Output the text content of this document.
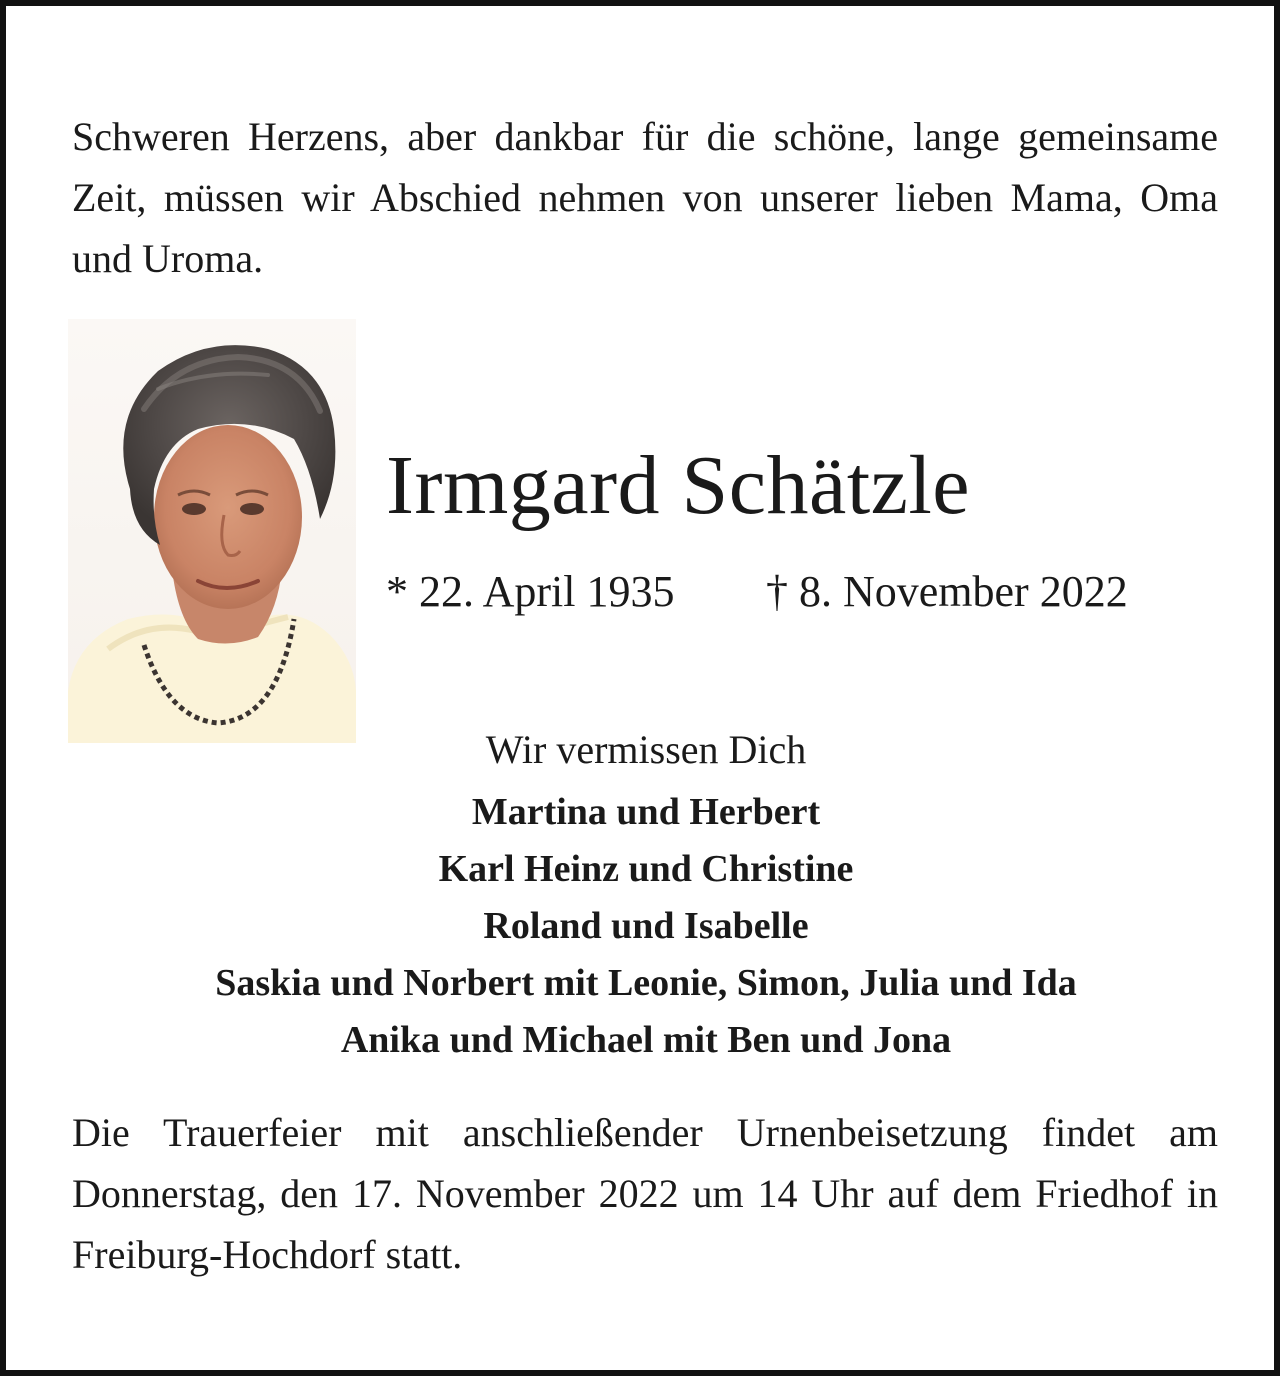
Schweren Herzens, aber dankbar für die schöne, lange gemeinsame Zeit, müssen wir Abschied nehmen von unserer lieben Mama, Oma und Uroma.

Irmgard Schätzle
* 22. April 1935 † 8. November 2022
Wir vermissen Dich
Martina und Herbert
Karl Heinz und Christine
Roland und Isabelle
Saskia und Norbert mit Leonie, Simon, Julia und Ida
Anika und Michael mit Ben und Jona

Die Trauerfeier mit anschließender Urnenbeisetzung findet am Donnerstag, den 17. November 2022 um 14 Uhr auf dem Friedhof in Freiburg-Hochdorf statt.
